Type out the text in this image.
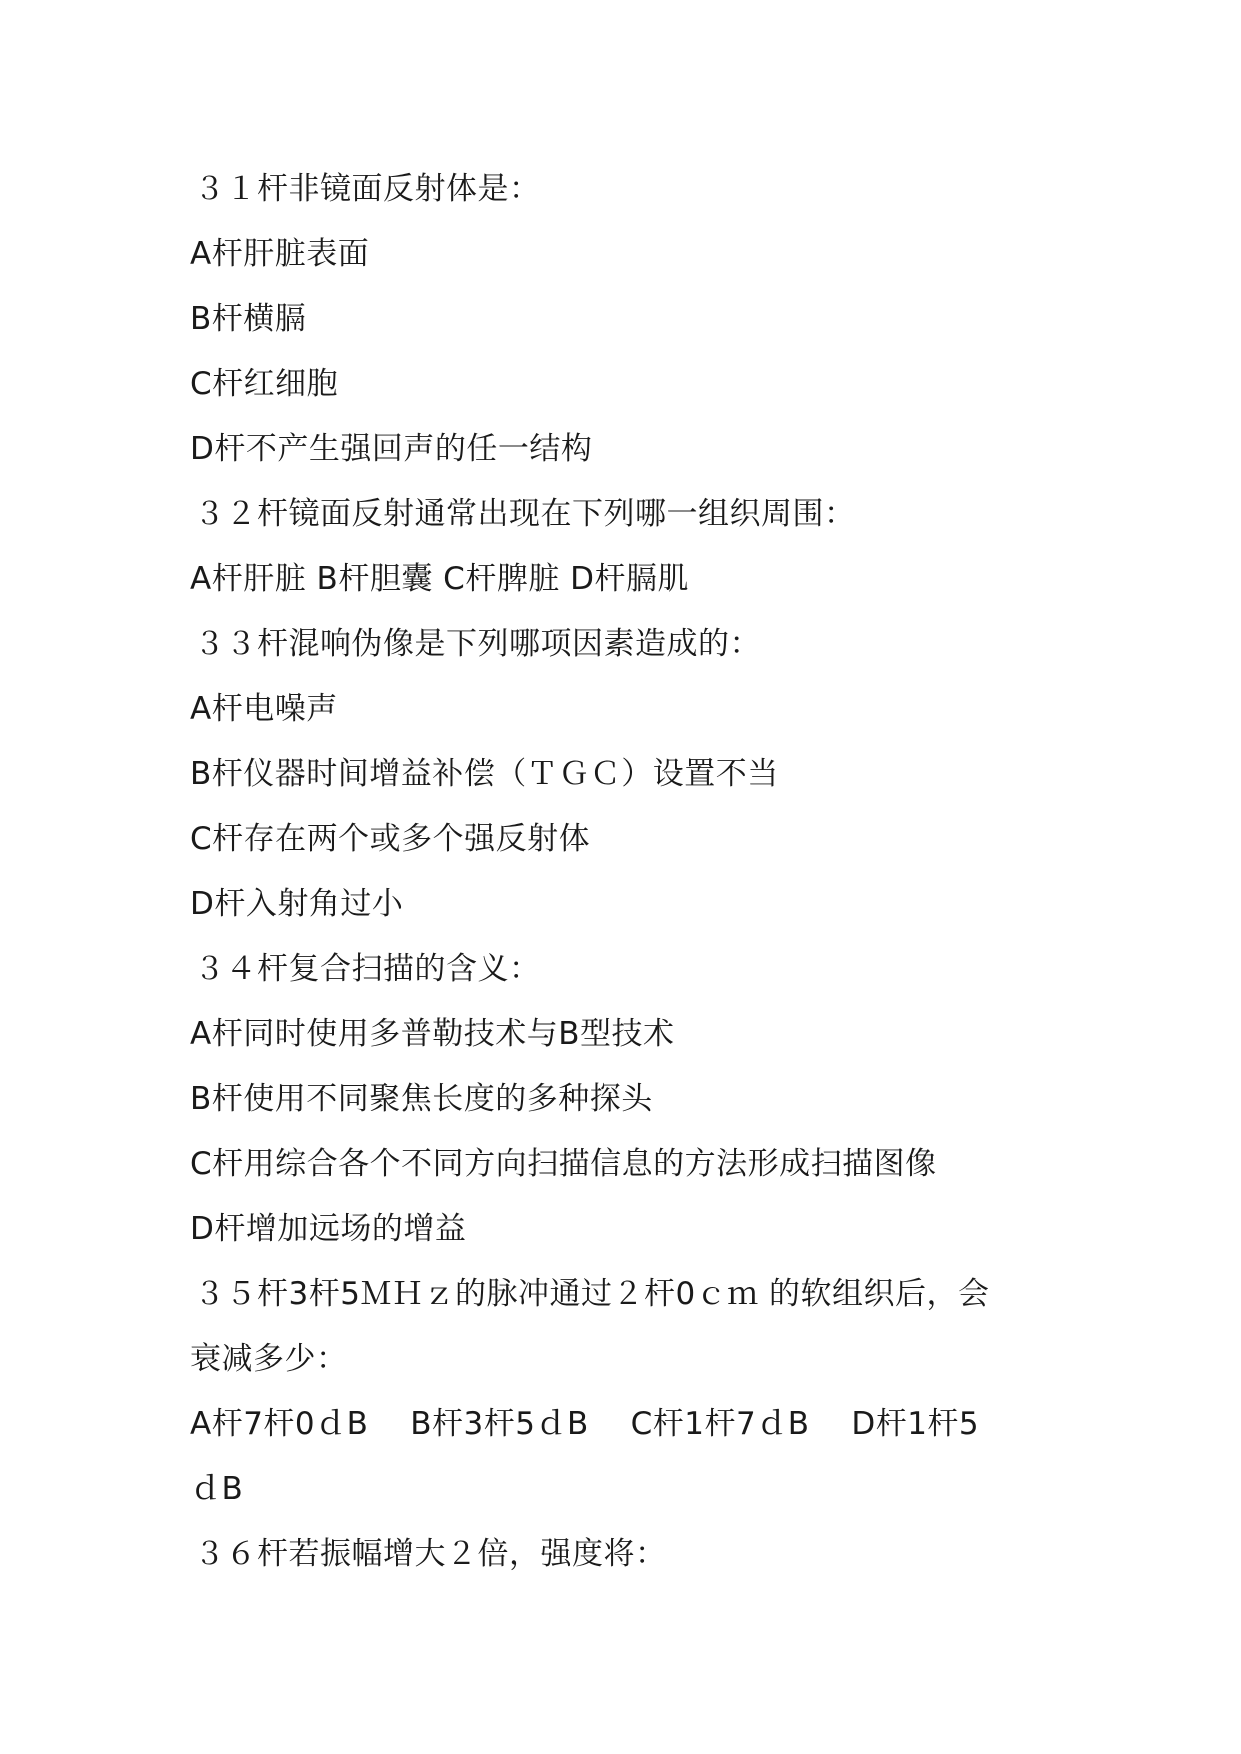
３１杆非镜面反射体是：
A杆肝脏表面
B杆横膈
C杆红细胞
D杆不产生强回声的任一结构
３２杆镜面反射通常出现在下列哪一组织周围：
A杆肝脏 B杆胆囊 C杆脾脏 D杆膈肌
３３杆混响伪像是下列哪项因素造成的：
A杆电噪声
B杆仪器时间增益补偿（ＴＧＣ）设置不当
C杆存在两个或多个强反射体
D杆入射角过小
３４杆复合扫描的含义：
A杆同时使用多普勒技术与B型技术
B杆使用不同聚焦长度的多种探头
C杆用综合各个不同方向扫描信息的方法形成扫描图像
D杆增加远场的增益
３５杆3杆5ＭＨｚ的脉冲通过２杆0ｃｍ 的软组织后，会
衰减多少：
A杆7杆0ｄB　 B杆3杆5ｄB　 C杆1杆7ｄB　 D杆1杆5
ｄB
３６杆若振幅增大２倍，强度将：
